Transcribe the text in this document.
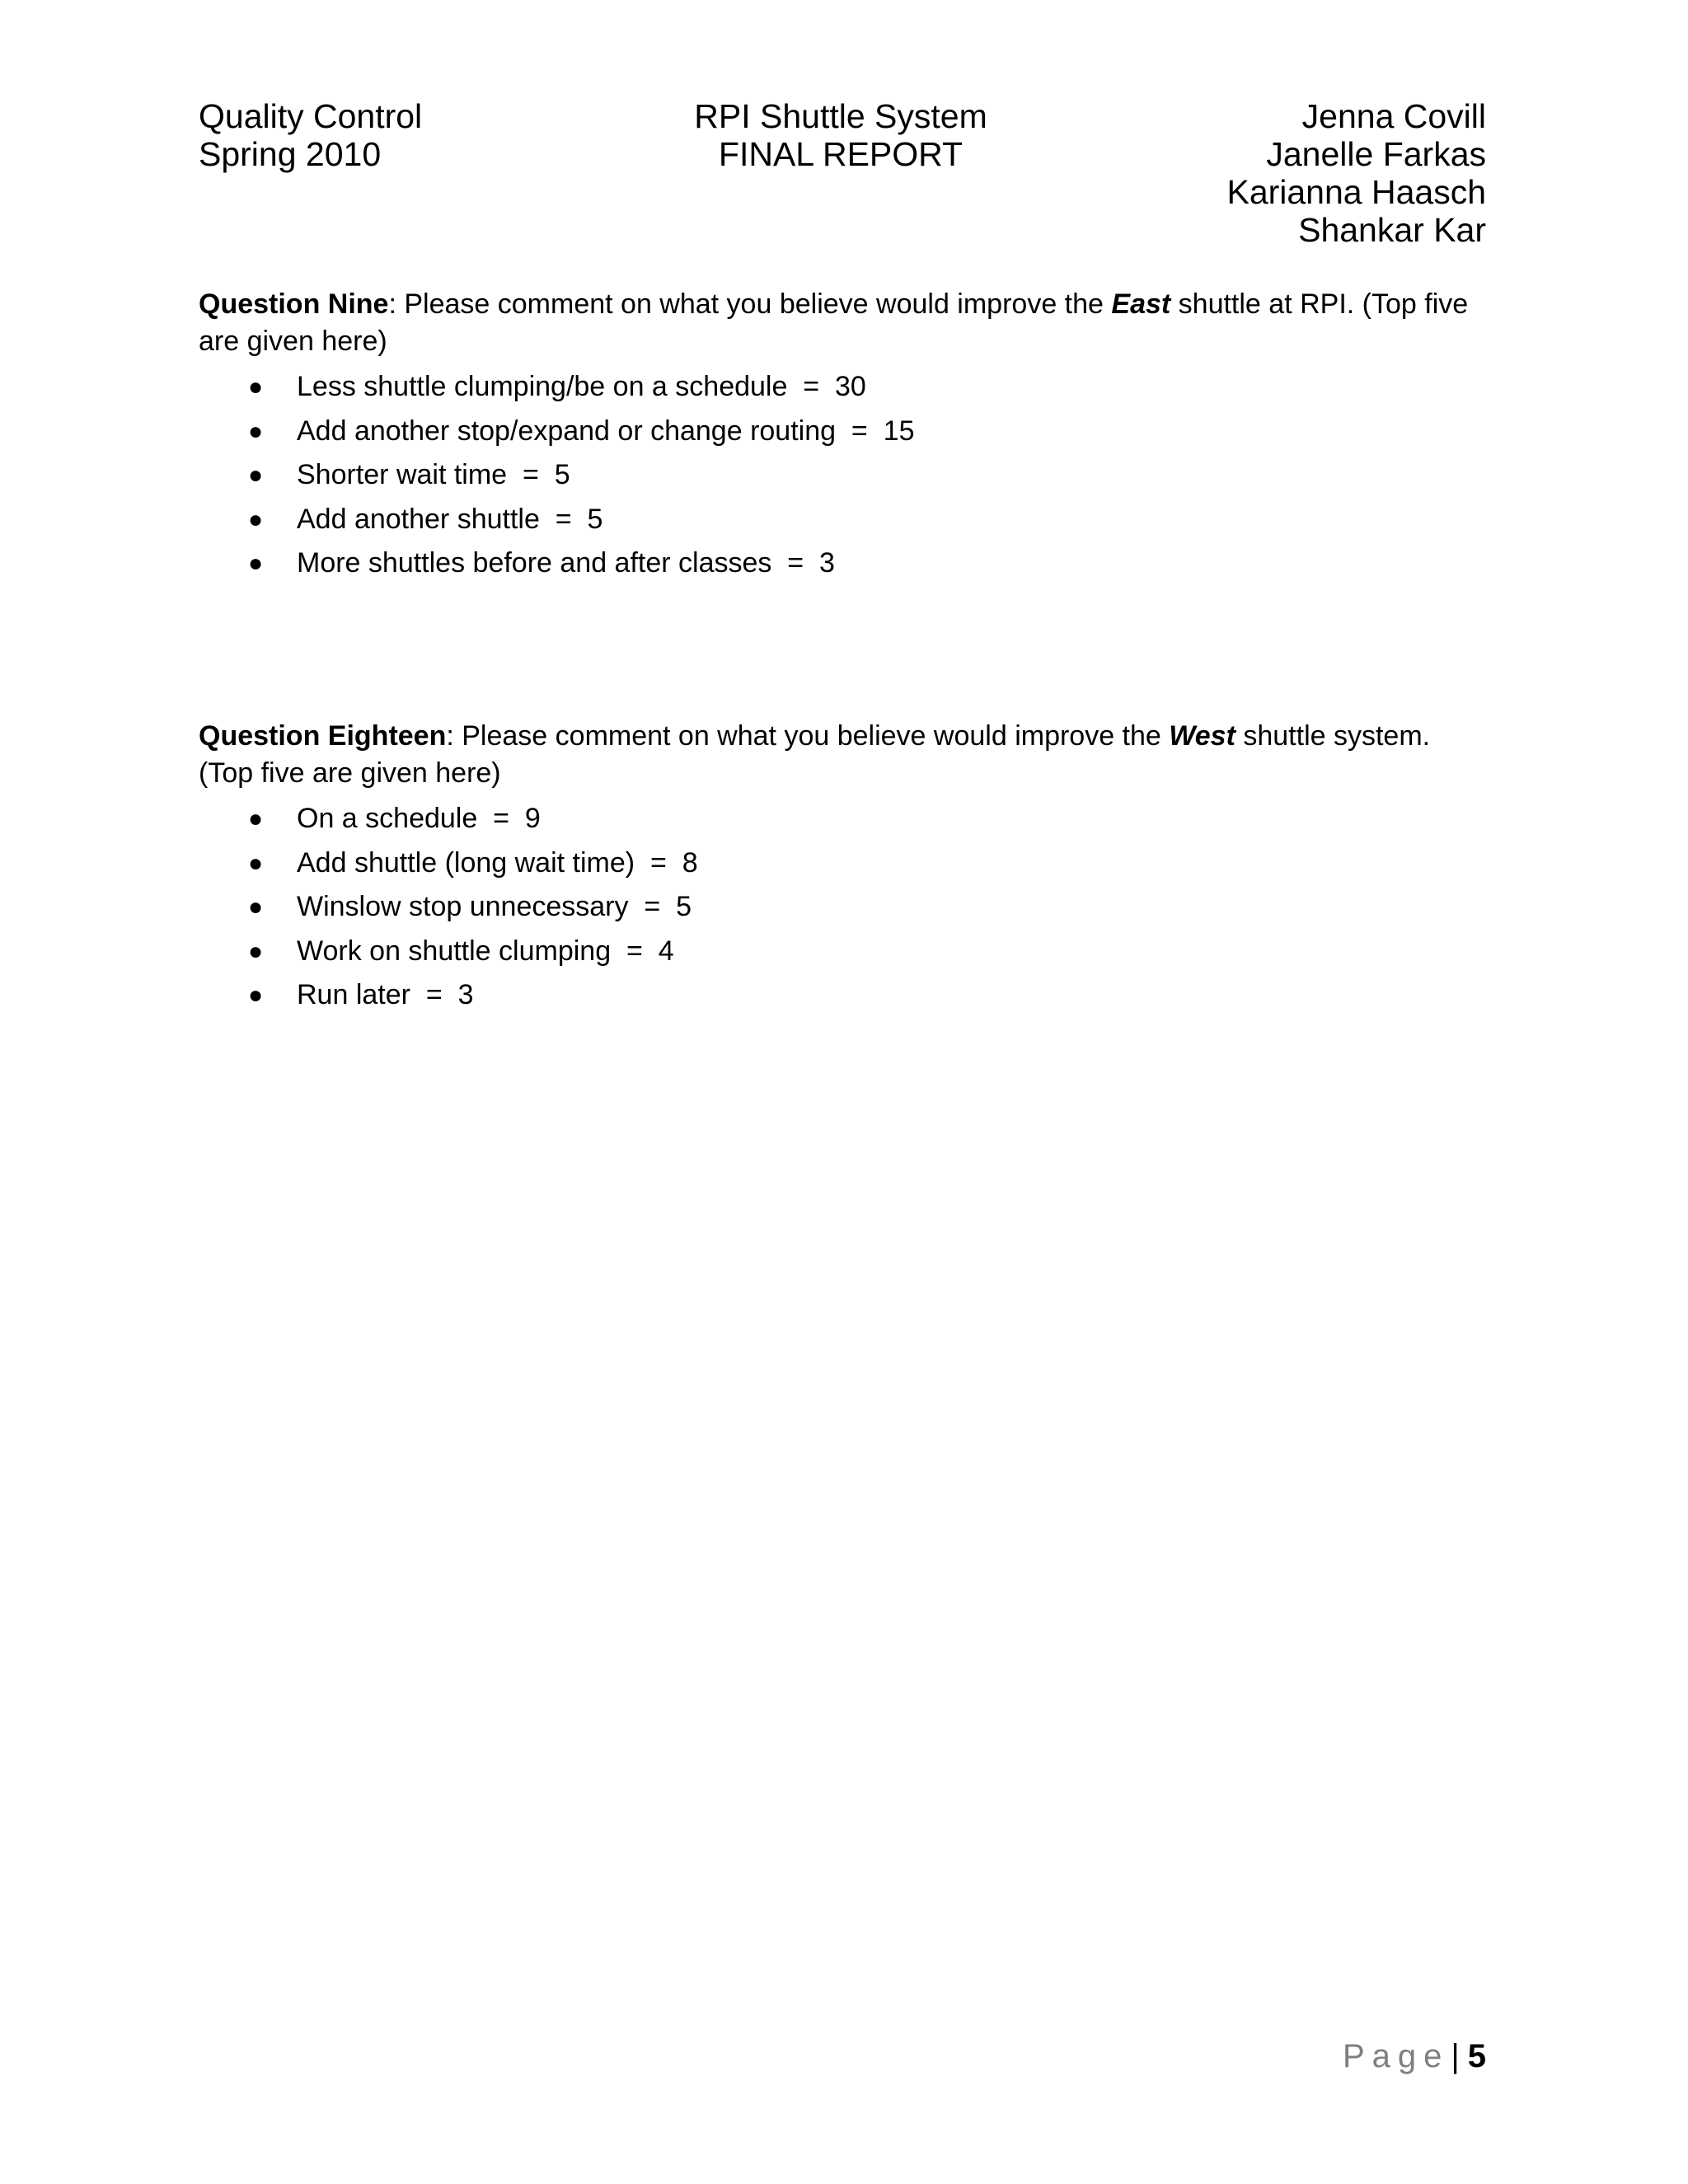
Quality Control
Spring 2010
RPI Shuttle System
FINAL REPORT
Jenna Covill
Janelle Farkas
Karianna Haasch
Shankar Kar
Question Nine: Please comment on what you believe would improve the East shuttle at RPI. (Top five are given here)
● Less shuttle clumping/be on a schedule  =  30
● Add another stop/expand or change routing  =  15
● Shorter wait time  =  5
● Add another shuttle  =  5
● More shuttles before and after classes  =  3
Question Eighteen: Please comment on what you believe would improve the West shuttle system. (Top five are given here)
● On a schedule  =  9
● Add shuttle (long wait time)  =  8
● Winslow stop unnecessary  =  5
● Work on shuttle clumping  =  4
● Run later  =  3
Page| 5
